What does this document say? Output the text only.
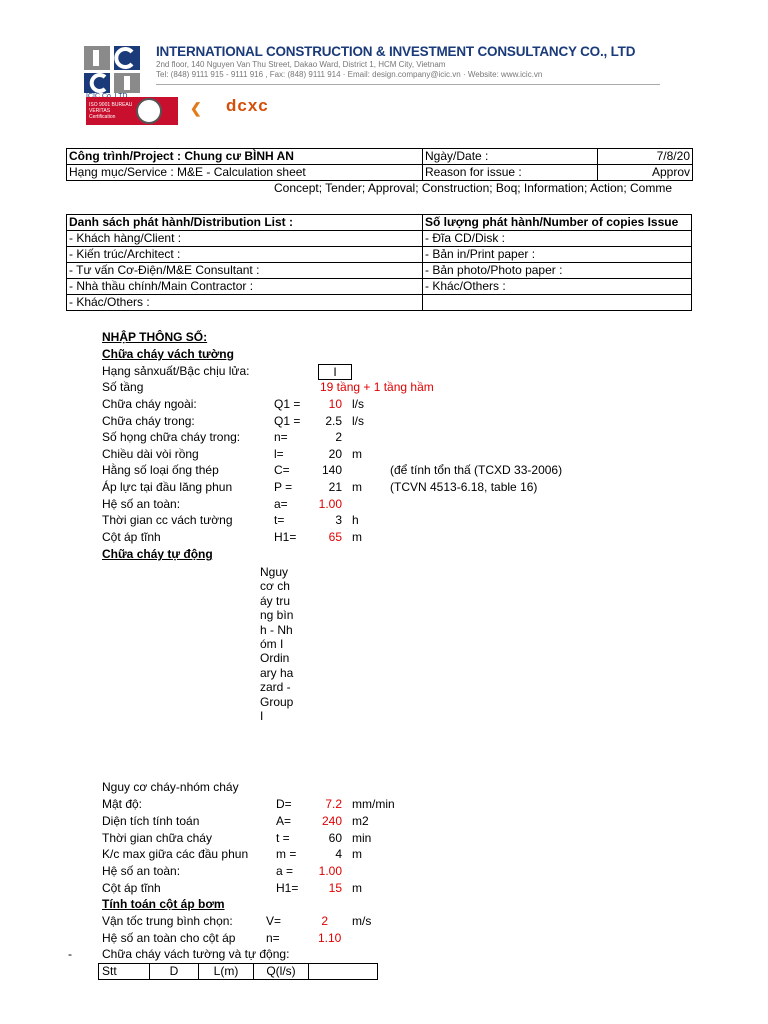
INTERNATIONAL CONSTRUCTION & INVESTMENT CONSULTANCY CO., LTD
2nd floor, 140 Nguyen Van Thu Street, Dakao Ward, District 1, HCM City, Vietnam
Tel: (848) 9111 915 - 9111 916 , Fax: (848) 9111 914 · Email: design.company@icic.vn · Website: www.icic.vn
ISO 9001 BUREAU VERITAS Certification
❮ dcxc
Công trình/Project : Chung cư BÌNH AN	Ngày/Date :	7/8/20
Hạng mục/Service : M&E - Calculation sheet	Reason for issue :	Approv
Concept; Tender; Approval; Construction; Boq; Information; Action; Comme
Danh sách phát hành/Distribution List :	Số lượng phát hành/Number of copies Issue
- Khách hàng/Client :	- Đĩa CD/Disk :
- Kiến trúc/Architect :	- Bản in/Print paper :
- Tư vấn Cơ-Điện/M&E Consultant :	- Bản photo/Photo paper :
- Nhà thầu chính/Main Contractor :	- Khác/Others :
- Khác/Others :	
NHẬP THÔNG SỐ:
Chữa cháy vách tường
Hạng sảnxuất/Bậc chịu lửa:	I
Số tầng	19 tầng + 1 tầng hầm
Chữa cháy ngoài:	Q1 =	10 l/s
Chữa cháy trong:	Q1 =	2.5 l/s
Số họng chữa cháy trong:	n=	2
Chiều dài vòi rồng	l=	20 m
Hằng số loại ống thép	C=	140	(để tính tổn thấ (TCXD 33-2006)
Áp lực tại đầu lăng phun	P =	21 m (TCVN 4513-6.18, table 16)
Hệ số an toàn:	a=	1.00
Thời gian cc vách tường	t=	3 h
Cột áp tĩnh	H1=	65 m
Chữa cháy tự động
Nguy cơ cháy trung bình - Nhóm I Ordinary hazard - Group I
Nguy cơ cháy-nhóm cháy
Mật độ:	D=	7.2 mm/min
Diện tích tính toán	A=	240 m2
Thời gian chữa cháy	t =	60 min
K/c max giữa các đầu phun m =	4 m
Hệ số an toàn:	a = 1.00
Cột áp tĩnh	H1=	15 m
Tính toán cột áp bơm
Vận tốc trung bình chọn:	V=	2 m/s
Hệ số an toàn cho cột áp	n=	1.10
-	Chữa cháy vách tường và tự động:
Stt	D	L(m)	Q(l/s)	
